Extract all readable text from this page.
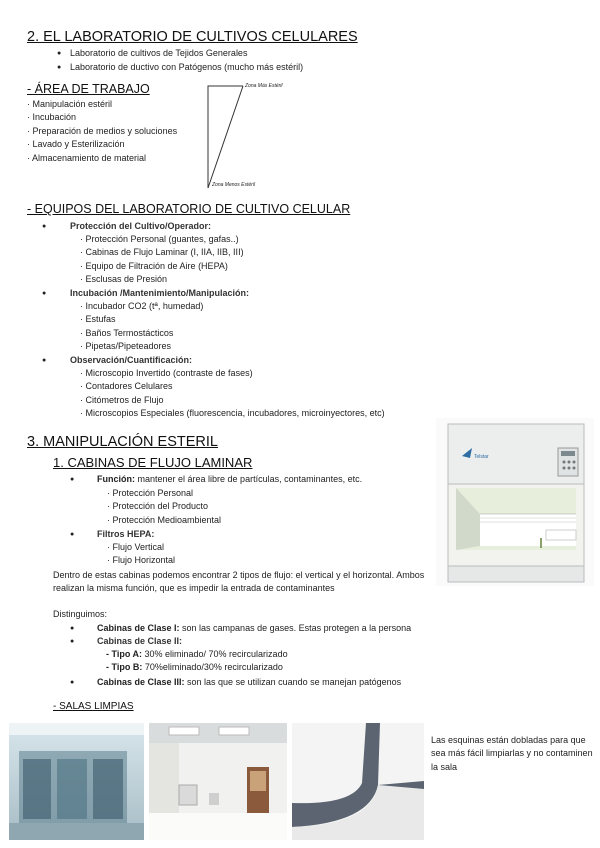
2. EL LABORATORIO DE CULTIVOS CELULARES
● Laboratorio de cultivos de Tejidos Generales
● Laboratorio de ductivo con Patógenos (mucho más estéril)
- ÁREA DE TRABAJO
· Manipulación estéril
· Incubación
· Preparación de medios y soluciones
· Lavado y Esterilización
· Almacenamiento de material
Zona Más Estéril
Zona Menos Estéril
- EQUIPOS DEL LABORATORIO DE CULTIVO CELULAR
●	Protección del Cultivo/Operador:
· Protección Personal (guantes, gafas..)
· Cabinas de Flujo Laminar (I, IIA, IIB, III)
· Equipo de Filtración de Aire (HEPA)
· Esclusas de Presión
●	Incubación /Mantenimiento/Manipulación:
· Incubador CO2 (tª, humedad)
· Estufas
· Baños Termostácticos
· Pipetas/Pipeteadores
●	Observación/Cuantificación:
· Microscopio Invertido (contraste de fases)
· Contadores Celulares
· Citómetros de Flujo
· Microscopios Especiales (fluorescencia, incubadores, microinyectores, etc)
3. MANIPULACIÓN ESTERIL
1. CABINAS DE FLUJO LAMINAR
●	Función: mantener el área libre de partículas, contaminantes, etc.
· Protección Personal
· Protección del Producto
· Protección Medioambiental
●	Filtros HEPA:
· Flujo Vertical
· Flujo Horizontal
Dentro de estas cabinas podemos encontrar 2 tipos de flujo: el vertical y el horizontal. Ambos realizan la misma función, que es impedir la entrada de contaminantes
Distinguimos:
●	Cabinas de Clase I: son las campanas de gases. Estas protegen a la persona
●	Cabinas de Clase II:
- Tipo A: 30% eliminado/ 70% recircularizado
- Tipo B: 70%eliminado/30% recircularizado
●	Cabinas de Clase III: son las que se utilizan cuando se manejan patógenos
Telstar
- SALAS LIMPIAS
Las esquinas están dobladas para que sea más fácil limpiarlas y no contaminen la sala
